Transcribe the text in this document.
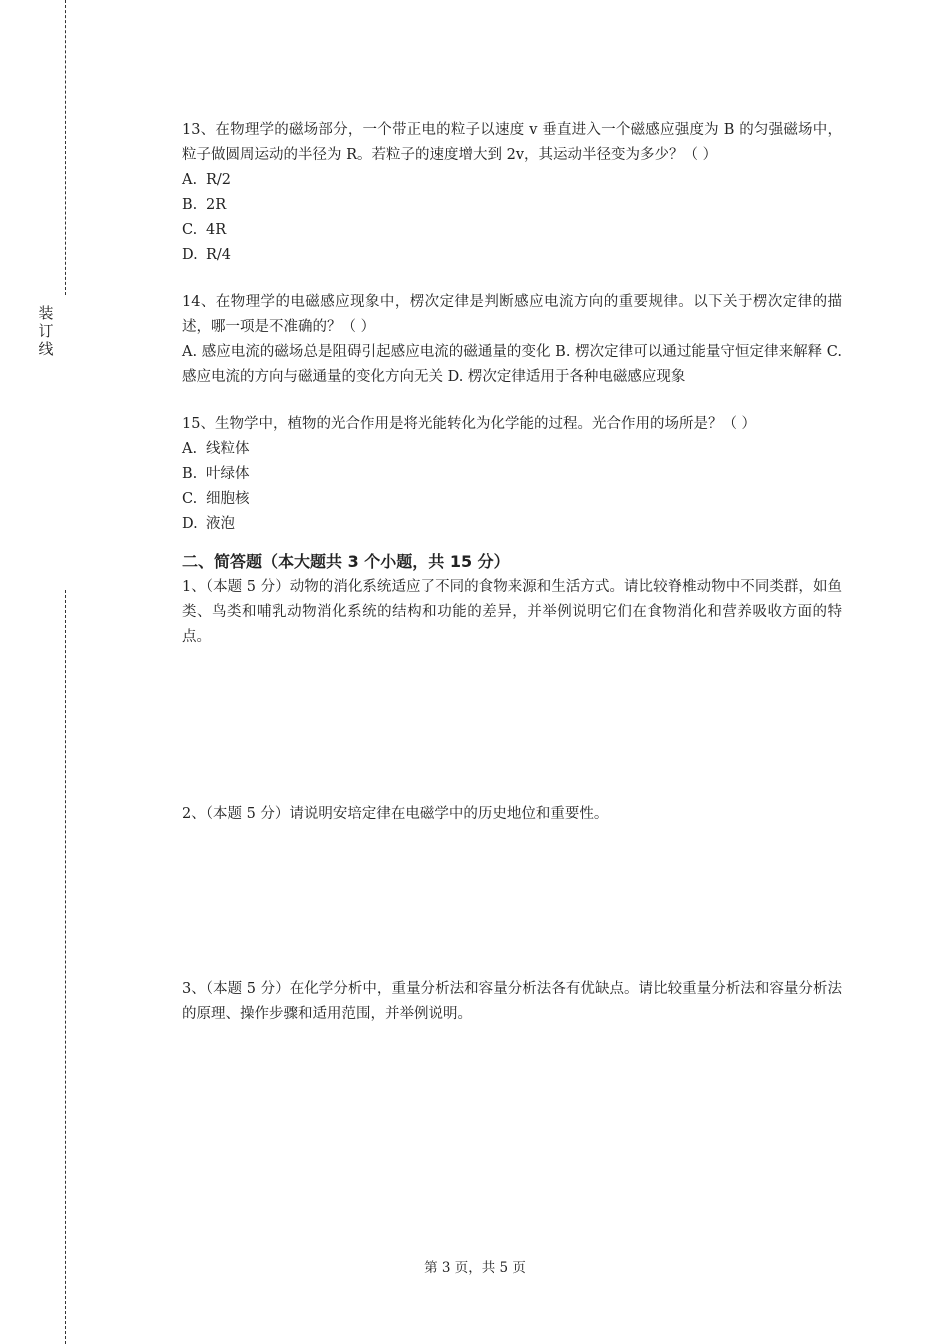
装
订
线

13、在物理学的磁场部分，一个带正电的粒子以速度 v 垂直进入一个磁感应强度为 B 的匀强磁场中，粒子做圆周运动的半径为 R。若粒子的速度增大到 2v，其运动半径变为多少？（ ）

A. R/2

B. 2R

C. 4R

D. R/4

14、在物理学的电磁感应现象中，楞次定律是判断感应电流方向的重要规律。以下关于楞次定律的描述，哪一项是不准确的？（ ）

A. 感应电流的磁场总是阻碍引起感应电流的磁通量的变化 B. 楞次定律可以通过能量守恒定律来解释 C. 感应电流的方向与磁通量的变化方向无关 D. 楞次定律适用于各种电磁感应现象

15、生物学中，植物的光合作用是将光能转化为化学能的过程。光合作用的场所是？（ ）

A. 线粒体

B. 叶绿体

C. 细胞核

D. 液泡

二、简答题（本大题共 3 个小题，共 15 分）

1、（本题 5 分）动物的消化系统适应了不同的食物来源和生活方式。请比较脊椎动物中不同类群，如鱼类、鸟类和哺乳动物消化系统的结构和功能的差异，并举例说明它们在食物消化和营养吸收方面的特点。

2、（本题 5 分）请说明安培定律在电磁学中的历史地位和重要性。

3、（本题 5 分）在化学分析中，重量分析法和容量分析法各有优缺点。请比较重量分析法和容量分析法的原理、操作步骤和适用范围，并举例说明。

第 3 页，共 5 页
